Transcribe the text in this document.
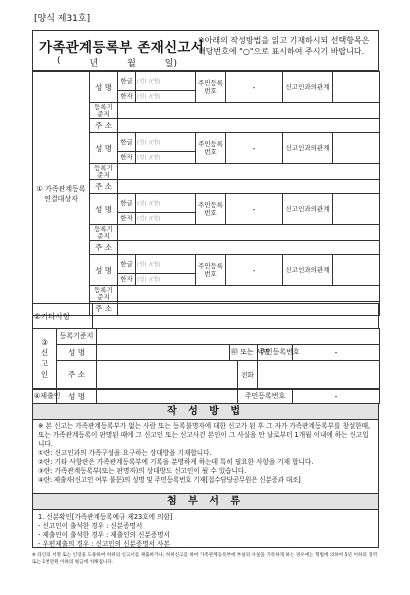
[양식 제31호]
가족관계등록부 존재신고서
(	년	월	일)
※아래의 작성방법을 읽고 기재하시되 선택항목은 해당번호에 "○"으로 표시하여 주시기 바랍니다.
① 가족관계등록 연결대상자	성 명	한글	(성) /(명)	주민등록번호	-	신고인과의관계	
		한자	(성) /(명)				
	등록기준지						
	주 소						
	성 명	한글	(성) /(명)	주민등록번호	-	신고인과의관계	
		한자	(성) /(명)				
	등록기준지						
	주 소						
	성 명	한글	(성) /(명)	주민등록번호	-	신고인과의관계	
		한자	(성) /(명)				
	등록기준지						
	주 소						
	성 명	한글	(성) /(명)	주민등록번호	-	신고인과의관계	
		한자	(성) /(명)				
	등록기준지						
	주 소						
②기타사항	
③
신고인	등록기준지						
	성 명		㊞ 또는 서명		주민등록번호	-	
	주 소			전화		

④제출인	성 명		주민등록번호	-
작 성 방 법
※ 본 신고는 가족관계등록부가 없는 사람 또는 등록불명자에 대한 신고가 된 후 그 자가 가족관계등록부를 창설한때, 또는 가족관계등록이 판명된 때에 그 신고인 또는 신고사건 본인이 그 사실을 안 날로부터 1개월 이내에 하는 신고입니다.
①란: 신고인과의 가족구성을 요구하는 상대방을 기재합니다.
②란: 기타 사항란은 가족관계등록부에 기록을 분명하게 하는데 특히 필요한 사항을 기재 합니다.
③란: 가족관계등록부(또는 판명자)의 상대방도 신고인이 될 수 있습니다.
④란: 제출자(신고인 여부 불문)의 성명 및 주민등록번호 기재[접수담당공무원은 신분증과 대조]
첨 부 서 류
1. 신분확인[가족관계등록예규 제23호에 의함]
- 신고인이 출석한 경우 : 신분증명서
- 제출인이 출석한 경우 : 제출인의 신분증명서
- 우편제출의 경우 : 신고인의 신분증명서 사본
※ 타인의 서명 또는 인장을 도용하여 허위의 신고서를 제출하거나, 허위신고를 하여 가족관계등록부에 부실의 사실을 기록하게 하는 경우에는 형법에 의하여 5년 이하의 징역 또는 1천만원 이하의 벌금에 처해집니다.
